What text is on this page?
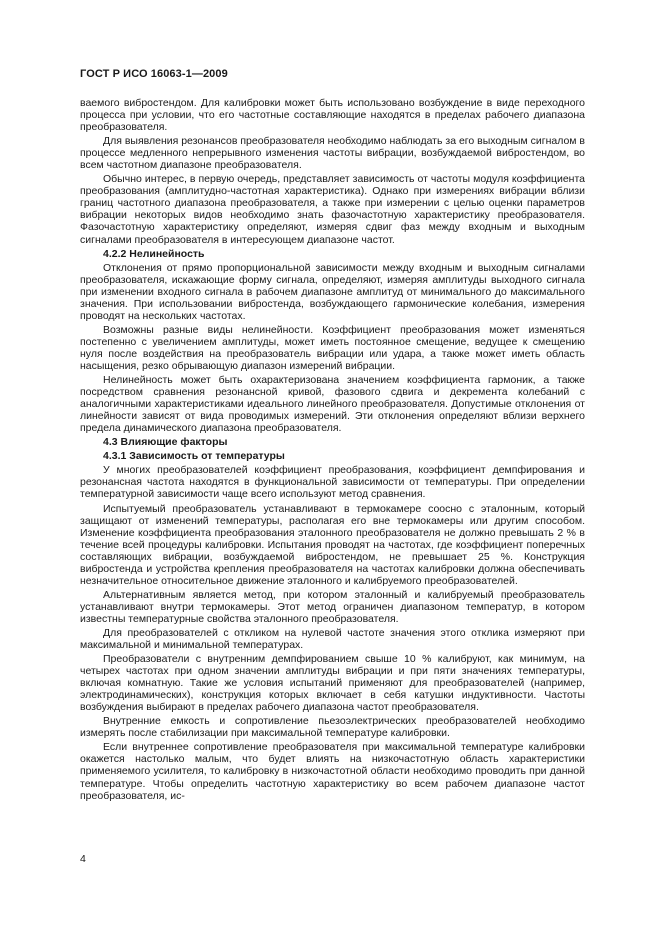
ГОСТ Р ИСО 16063-1—2009

ваемого вибростендом. Для калибровки может быть использовано возбуждение в виде переходного процесса при условии, что его частотные составляющие находятся в пределах рабочего диапазона преобразователя.

Для выявления резонансов преобразователя необходимо наблюдать за его выходным сигналом в процессе медленного непрерывного изменения частоты вибрации, возбуждаемой вибростендом, во всем частотном диапазоне преобразователя.

Обычно интерес, в первую очередь, представляет зависимость от частоты модуля коэффициента преобразования (амплитудно-частотная характеристика). Однако при измерениях вибрации вблизи границ частотного диапазона преобразователя, а также при измерении с целью оценки параметров вибрации некоторых видов необходимо знать фазочастотную характеристику преобразователя. Фазочастотную характеристику определяют, измеряя сдвиг фаз между входным и выходным сигналами преобразователя в интересующем диапазоне частот.

4.2.2 Нелинейность

Отклонения от прямо пропорциональной зависимости между входным и выходным сигналами преобразователя, искажающие форму сигнала, определяют, измеряя амплитуды выходного сигнала при изменении входного сигнала в рабочем диапазоне амплитуд от минимального до максимального значения. При использовании вибростенда, возбуждающего гармонические колебания, измерения проводят на нескольких частотах.

Возможны разные виды нелинейности. Коэффициент преобразования может изменяться постепенно с увеличением амплитуды, может иметь постоянное смещение, ведущее к смещению нуля после воздействия на преобразователь вибрации или удара, а также может иметь область насыщения, резко обрывающую диапазон измерений вибрации.

Нелинейность может быть охарактеризована значением коэффициента гармоник, а также посредством сравнения резонансной кривой, фазового сдвига и декремента колебаний с аналогичными характеристиками идеального линейного преобразователя. Допустимые отклонения от линейности зависят от вида проводимых измерений. Эти отклонения определяют вблизи верхнего предела динамического диапазона преобразователя.

4.3 Влияющие факторы
4.3.1 Зависимость от температуры

У многих преобразователей коэффициент преобразования, коэффициент демпфирования и резонансная частота находятся в функциональной зависимости от температуры. При определении температурной зависимости чаще всего используют метод сравнения.

Испытуемый преобразователь устанавливают в термокамере соосно с эталонным, который защищают от изменений температуры, располагая его вне термокамеры или другим способом. Изменение коэффициента преобразования эталонного преобразователя не должно превышать 2 % в течение всей процедуры калибровки. Испытания проводят на частотах, где коэффициент поперечных составляющих вибрации, возбуждаемой вибростендом, не превышает 25 %. Конструкция вибростенда и устройства крепления преобразователя на частотах калибровки должна обеспечивать незначительное относительное движение эталонного и калибруемого преобразователей.

Альтернативным является метод, при котором эталонный и калибруемый преобразователь устанавливают внутри термокамеры. Этот метод ограничен диапазоном температур, в котором известны температурные свойства эталонного преобразователя.

Для преобразователей с откликом на нулевой частоте значения этого отклика измеряют при максимальной и минимальной температурах.

Преобразователи с внутренним демпфированием свыше 10 % калибруют, как минимум, на четырех частотах при одном значении амплитуды вибрации и при пяти значениях температуры, включая комнатную. Такие же условия испытаний применяют для преобразователей (например, электродинамических), конструкция которых включает в себя катушки индуктивности. Частоты возбуждения выбирают в пределах рабочего диапазона частот преобразователя.

Внутренние емкость и сопротивление пьезоэлектрических преобразователей необходимо измерять после стабилизации при максимальной температуре калибровки.

Если внутреннее сопротивление преобразователя при максимальной температуре калибровки окажется настолько малым, что будет влиять на низкочастотную область характеристики применяемого усилителя, то калибровку в низкочастотной области необходимо проводить при данной температуре. Чтобы определить частотную характеристику во всем рабочем диапазоне частот преобразователя, ис-

4
